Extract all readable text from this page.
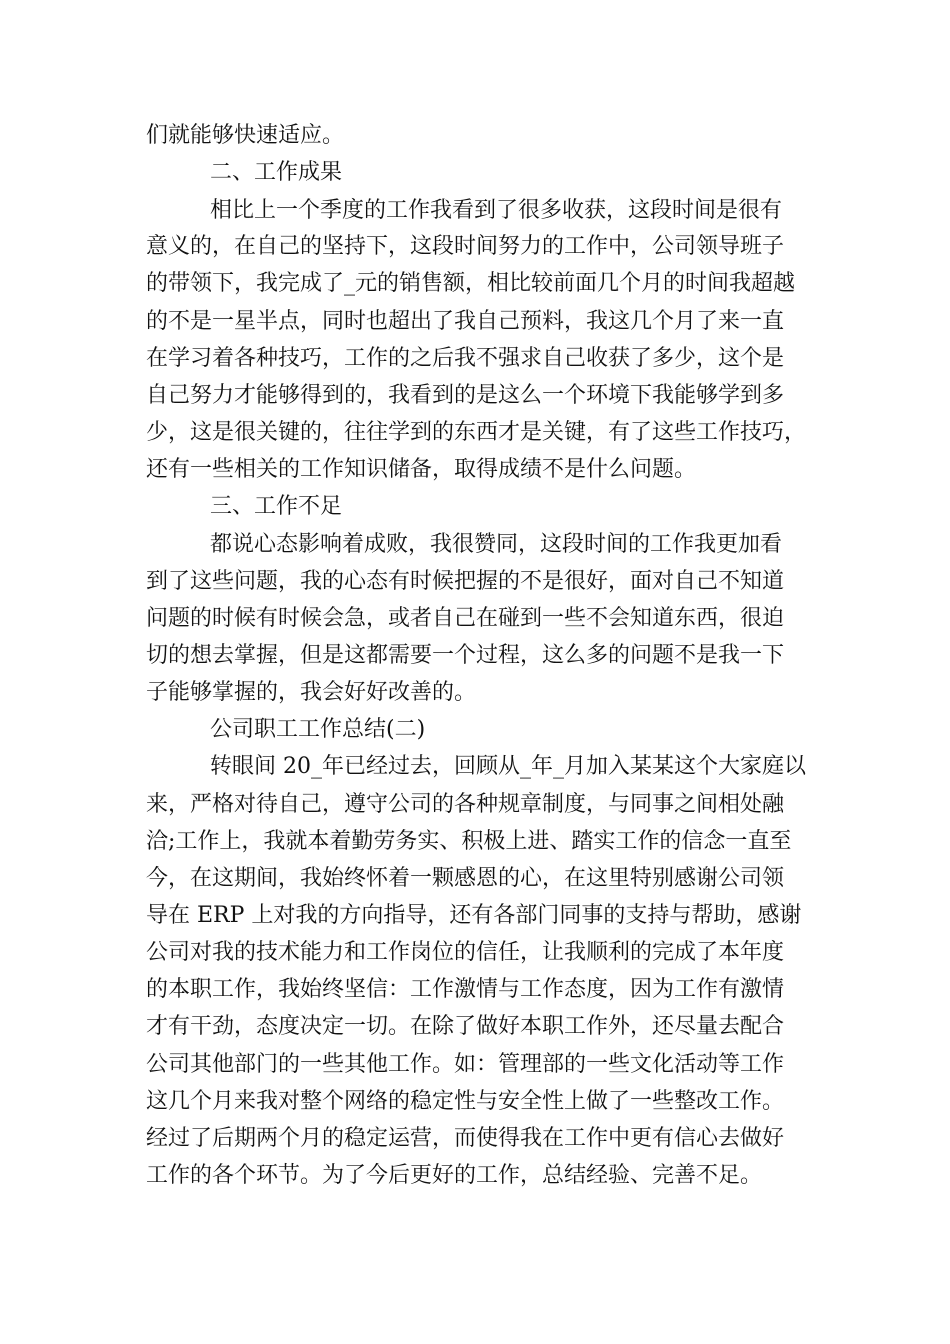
们就能够快速适应。

二、工作成果

相比上一个季度的工作我看到了很多收获，这段时间是很有

意义的，在自己的坚持下，这段时间努力的工作中，公司领导班子

的带领下，我完成了_元的销售额，相比较前面几个月的时间我超越

的不是一星半点，同时也超出了我自己预料，我这几个月了来一直

在学习着各种技巧，工作的之后我不强求自己收获了多少，这个是

自己努力才能够得到的，我看到的是这么一个环境下我能够学到多

少，这是很关键的，往往学到的东西才是关键，有了这些工作技巧，

还有一些相关的工作知识储备，取得成绩不是什么问题。

三、工作不足

都说心态影响着成败，我很赞同，这段时间的工作我更加看

到了这些问题，我的心态有时候把握的不是很好，面对自己不知道

问题的时候有时候会急，或者自己在碰到一些不会知道东西，很迫

切的想去掌握，但是这都需要一个过程，这么多的问题不是我一下

子能够掌握的，我会好好改善的。

公司职工工作总结(二)

转眼间 20_年已经过去，回顾从_年_月加入某某这个大家庭以

来，严格对待自己，遵守公司的各种规章制度，与同事之间相处融

洽;工作上，我就本着勤劳务实、积极上进、踏实工作的信念一直至

今，在这期间，我始终怀着一颗感恩的心，在这里特别感谢公司领

导在 ERP 上对我的方向指导，还有各部门同事的支持与帮助，感谢

公司对我的技术能力和工作岗位的信任，让我顺利的完成了本年度

的本职工作，我始终坚信：工作激情与工作态度，因为工作有激情

才有干劲，态度决定一切。在除了做好本职工作外，还尽量去配合

公司其他部门的一些其他工作。如：管理部的一些文化活动等工作

这几个月来我对整个网络的稳定性与安全性上做了一些整改工作。

经过了后期两个月的稳定运营，而使得我在工作中更有信心去做好

工作的各个环节。为了今后更好的工作，总结经验、完善不足。
